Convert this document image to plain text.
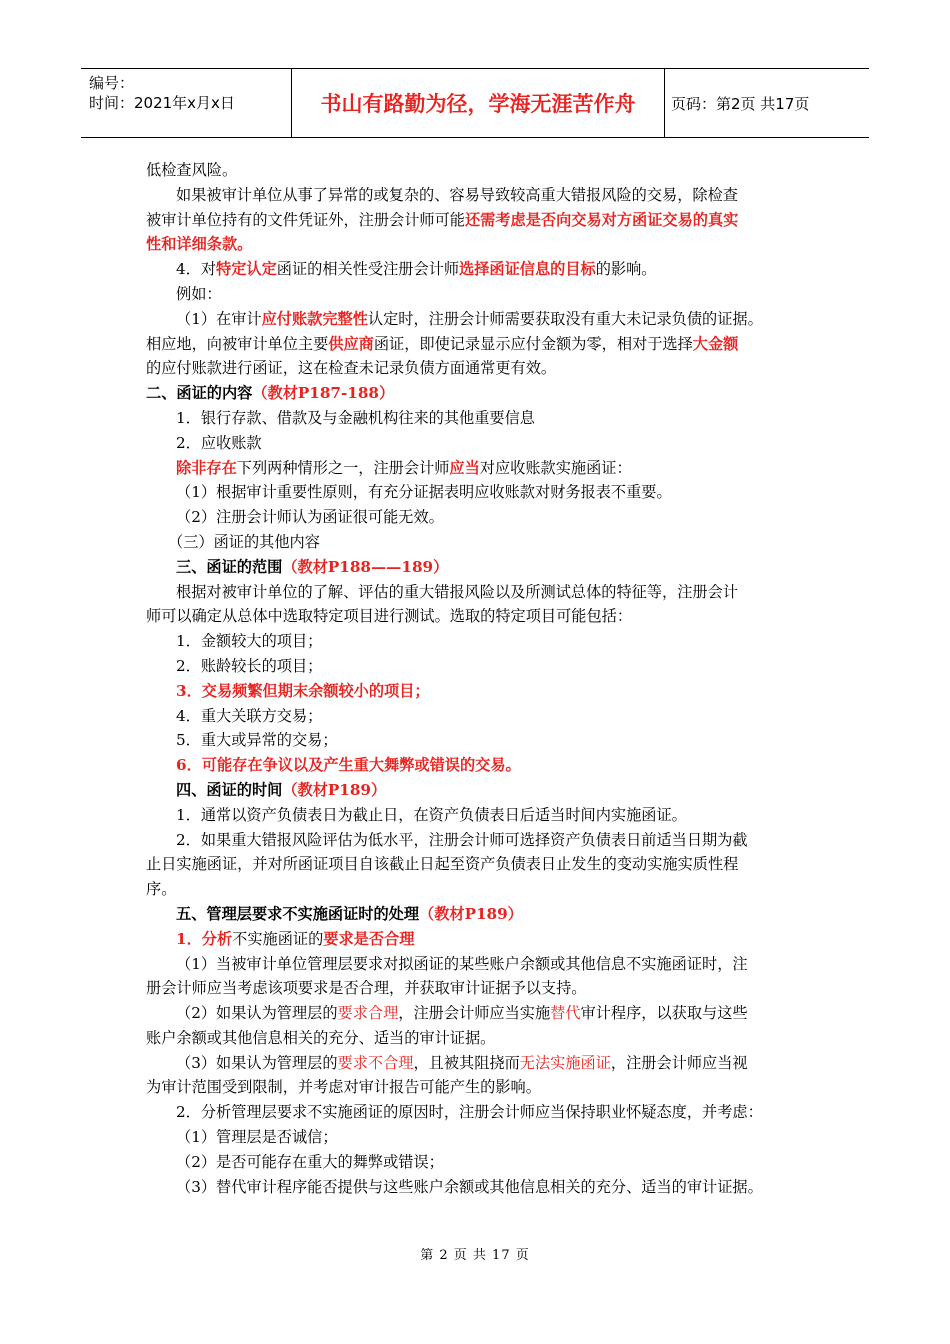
编号：
时间：2021年x月x日	书山有路勤为径，学海无涯苦作舟	页码：第2页 共17页
低检查风险。
如果被审计单位从事了异常的或复杂的、容易导致较高重大错报风险的交易，除检查
被审计单位持有的文件凭证外，注册会计师可能还需考虑是否向交易对方函证交易的真实
性和详细条款。
4．对特定认定函证的相关性受注册会计师选择函证信息的目标的影响。
例如：
（1）在审计应付账款完整性认定时，注册会计师需要获取没有重大未记录负债的证据。
相应地，向被审计单位主要供应商函证，即使记录显示应付金额为零，相对于选择大金额
的应付账款进行函证，这在检查未记录负债方面通常更有效。
二、函证的内容（教材P187-188）
1．银行存款、借款及与金融机构往来的其他重要信息
2．应收账款
除非存在下列两种情形之一，注册会计师应当对应收账款实施函证：
（1）根据审计重要性原则，有充分证据表明应收账款对财务报表不重要。
（2）注册会计师认为函证很可能无效。
（三）函证的其他内容
三、函证的范围（教材P188——189）
根据对被审计单位的了解、评估的重大错报风险以及所测试总体的特征等，注册会计
师可以确定从总体中选取特定项目进行测试。选取的特定项目可能包括：
1．金额较大的项目；
2．账龄较长的项目；
3．交易频繁但期末余额较小的项目；
4．重大关联方交易；
5．重大或异常的交易；
6．可能存在争议以及产生重大舞弊或错误的交易。
四、函证的时间（教材P189）
1．通常以资产负债表日为截止日，在资产负债表日后适当时间内实施函证。
2．如果重大错报风险评估为低水平，注册会计师可选择资产负债表日前适当日期为截
止日实施函证，并对所函证项目自该截止日起至资产负债表日止发生的变动实施实质性程
序。
五、管理层要求不实施函证时的处理（教材P189）
1．分析不实施函证的要求是否合理
（1）当被审计单位管理层要求对拟函证的某些账户余额或其他信息不实施函证时，注
册会计师应当考虑该项要求是否合理，并获取审计证据予以支持。
（2）如果认为管理层的要求合理，注册会计师应当实施替代审计程序，以获取与这些
账户余额或其他信息相关的充分、适当的审计证据。
（3）如果认为管理层的要求不合理，且被其阻挠而无法实施函证，注册会计师应当视
为审计范围受到限制，并考虑对审计报告可能产生的影响。
2．分析管理层要求不实施函证的原因时，注册会计师应当保持职业怀疑态度，并考虑：
（1）管理层是否诚信；
（2）是否可能存在重大的舞弊或错误；
（3）替代审计程序能否提供与这些账户余额或其他信息相关的充分、适当的审计证据。
第 2 页 共 17 页
